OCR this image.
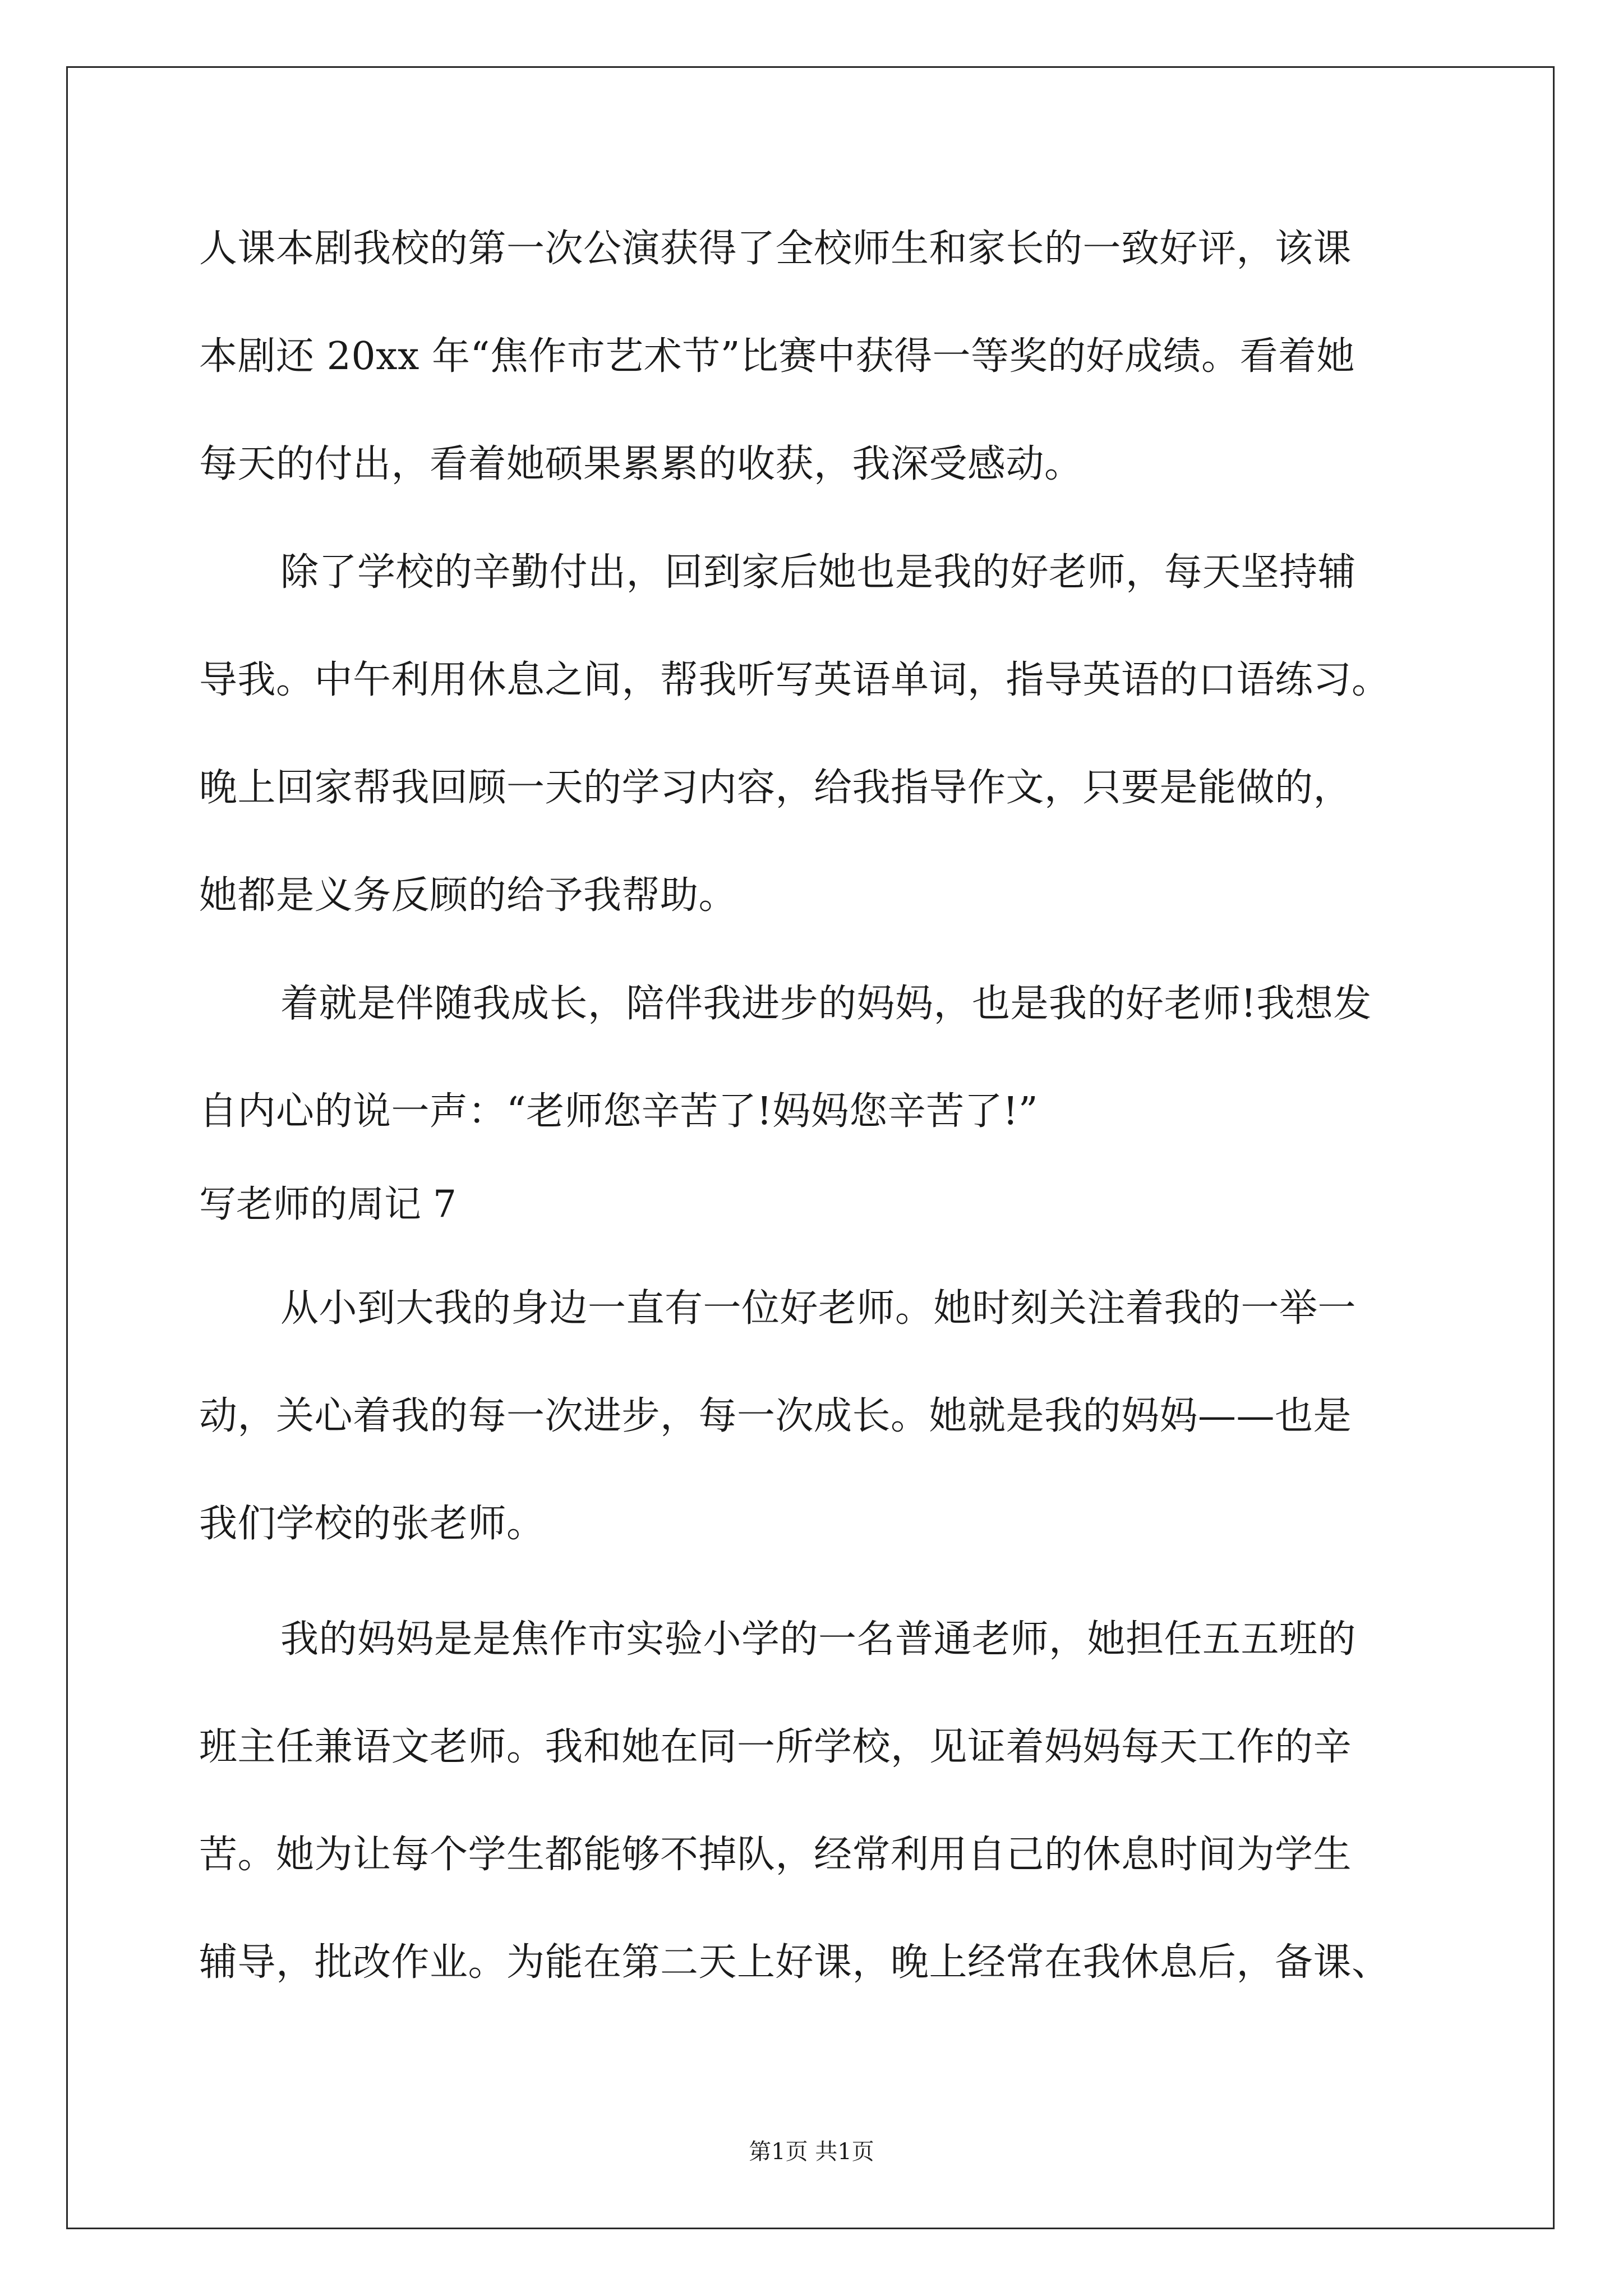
人课本剧我校的第一次公演获得了全校师生和家长的一致好评，该课
本剧还 20xx 年“焦作市艺术节”比赛中获得一等奖的好成绩。看着她
每天的付出，看着她硕果累累的收获，我深受感动。
除了学校的辛勤付出，回到家后她也是我的好老师，每天坚持辅
导我。中午利用休息之间，帮我听写英语单词，指导英语的口语练习。
晚上回家帮我回顾一天的学习内容，给我指导作文，只要是能做的，
她都是义务反顾的给予我帮助。
着就是伴随我成长，陪伴我进步的妈妈，也是我的好老师!我想发
自内心的说一声：“老师您辛苦了!妈妈您辛苦了!”
写老师的周记 7
从小到大我的身边一直有一位好老师。她时刻关注着我的一举一
动，关心着我的每一次进步，每一次成长。她就是我的妈妈——也是
我们学校的张老师。
我的妈妈是是焦作市实验小学的一名普通老师，她担任五五班的
班主任兼语文老师。我和她在同一所学校，见证着妈妈每天工作的辛
苦。她为让每个学生都能够不掉队，经常利用自己的休息时间为学生
辅导，批改作业。为能在第二天上好课，晚上经常在我休息后，备课、
第1页 共1页
